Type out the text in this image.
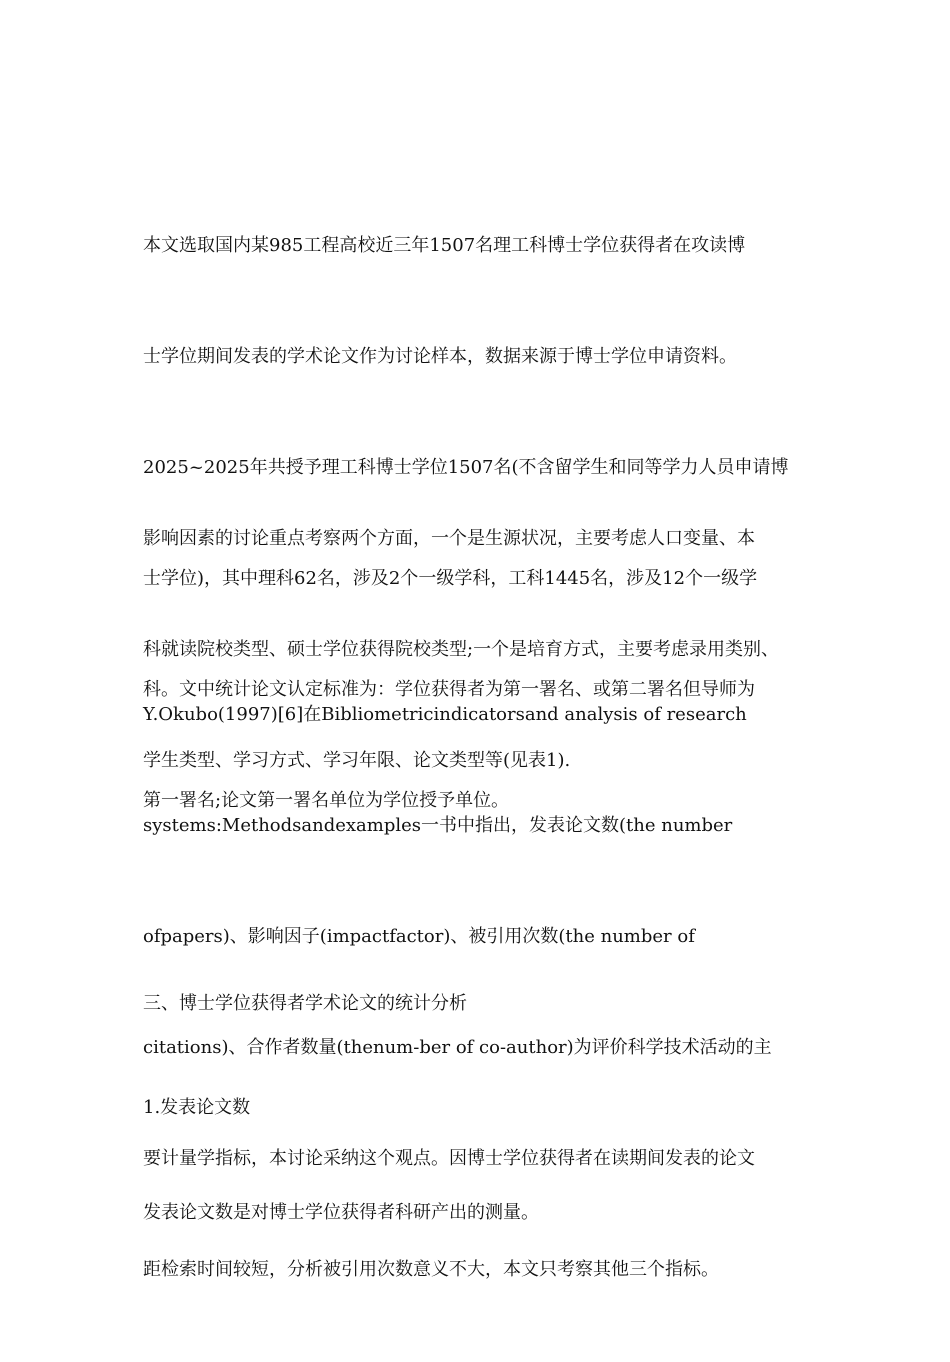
本文选取国内某985工程高校近三年1507名理工科博士学位获得者在攻读博

士学位期间发表的学术论文作为讨论样本，数据来源于博士学位申请资料。

2025~2025年共授予理工科博士学位1507名(不含留学生和同等学力人员申请博

士学位)，其中理科62名，涉及2个一级学科，工科1445名，涉及12个一级学

科。文中统计论文认定标准为：学位获得者为第一署名、或第二署名但导师为

第一署名;论文第一署名单位为学位授予单位。

影响因素的讨论重点考察两个方面，一个是生源状况，主要考虑人口变量、本

科就读院校类型、硕士学位获得院校类型;一个是培育方式，主要考虑录用类别、

学生类型、学习方式、学习年限、论文类型等(见表1).

Y.Okubo(1997)[6]在Bibliometricindicatorsand analysis of research

systems:Methodsandexamples一书中指出，发表论文数(the number

ofpapers)、影响因子(impactfactor)、被引用次数(the number of

citations)、合作者数量(thenum-ber of co-author)为评价科学技术活动的主

要计量学指标，本讨论采纳这个观点。因博士学位获得者在读期间发表的论文

距检索时间较短，分析被引用次数意义不大，本文只考察其他三个指标。

三、博士学位获得者学术论文的统计分析

1.发表论文数

发表论文数是对博士学位获得者科研产出的测量。
